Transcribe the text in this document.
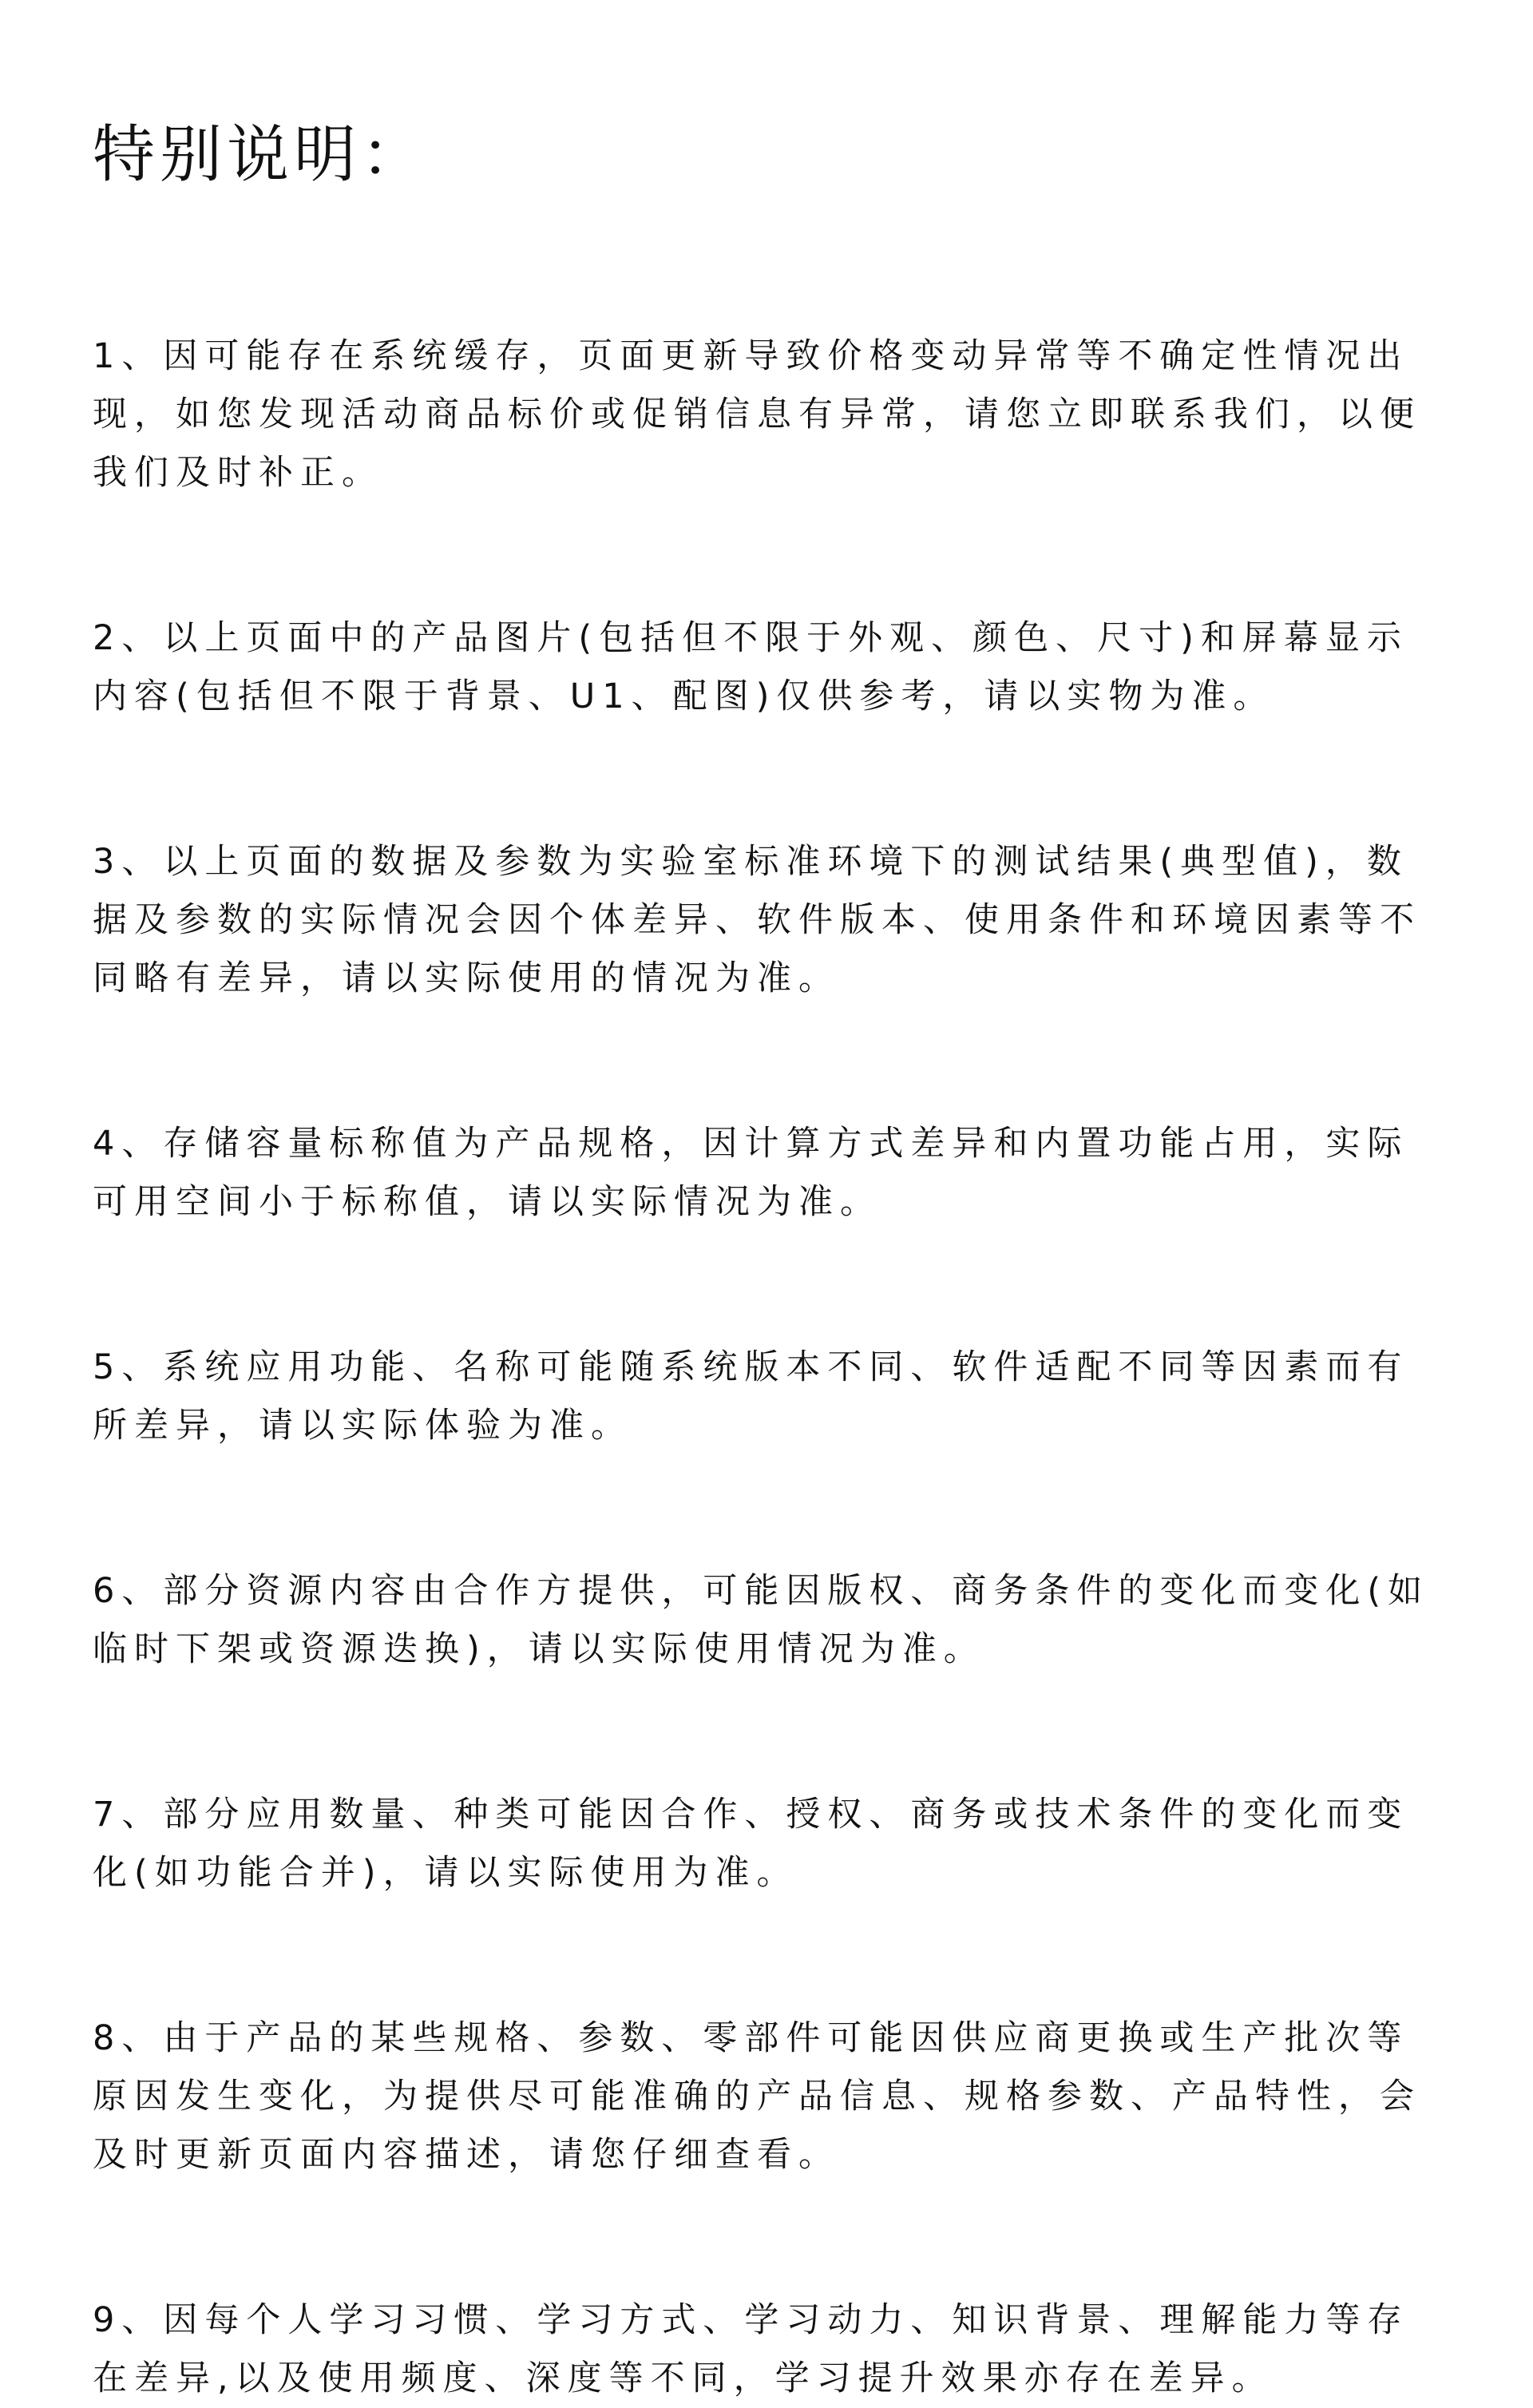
特别说明：
1、因可能存在系统缓存，页面更新导致价格变动异常等不确定性情况出现，如您发现活动商品标价或促销信息有异常，请您立即联系我们，以便我们及时补正。
2、以上页面中的产品图片(包括但不限于外观、颜色、尺寸)和屏幕显示内容(包括但不限于背景、U1、配图)仅供参考，请以实物为准。
3、以上页面的数据及参数为实验室标准环境下的测试结果(典型值)，数据及参数的实际情况会因个体差异、软件版本、使用条件和环境因素等不同略有差异，请以实际使用的情况为准。
4、存储容量标称值为产品规格，因计算方式差异和内置功能占用，实际可用空间小于标称值，请以实际情况为准。
5、系统应用功能、名称可能随系统版本不同、软件适配不同等因素而有所差异，请以实际体验为准。
6、部分资源内容由合作方提供，可能因版权、商务条件的变化而变化(如临时下架或资源迭换)，请以实际使用情况为准。
7、部分应用数量、种类可能因合作、授权、商务或技术条件的变化而变化(如功能合并)，请以实际使用为准。
8、由于产品的某些规格、参数、零部件可能因供应商更换或生产批次等原因发生变化，为提供尽可能准确的产品信息、规格参数、产品特性，会及时更新页面内容描述，请您仔细查看。
9、因每个人学习习惯、学习方式、学习动力、知识背景、理解能力等存在差异,以及使用频度、深度等不同，学习提升效果亦存在差异。
